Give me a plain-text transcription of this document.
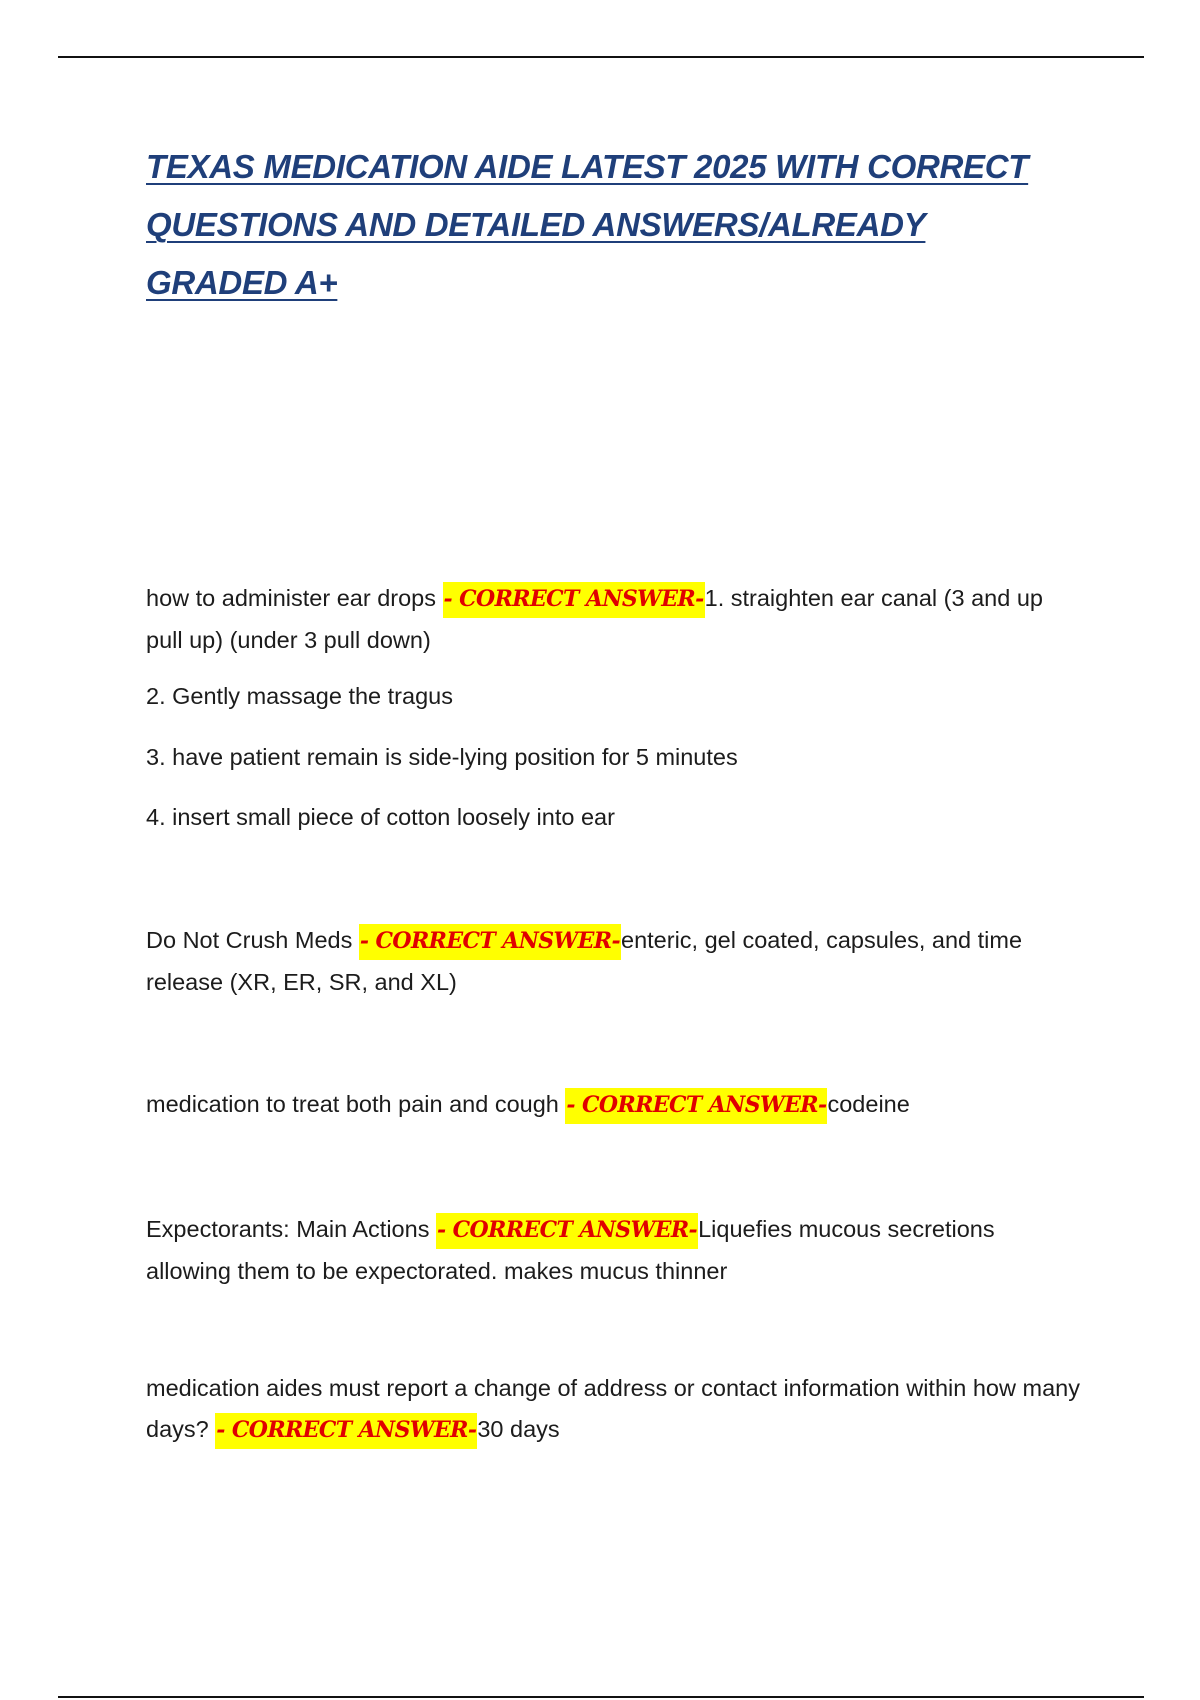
TEXAS MEDICATION AIDE LATEST 2025 WITH CORRECT
QUESTIONS AND DETAILED ANSWERS/ALREADY
GRADED A+

how to administer ear drops - CORRECT ANSWER-1. straighten ear canal (3 and up pull up) (under 3 pull down)

2. Gently massage the tragus

3. have patient remain is side-lying position for 5 minutes

4. insert small piece of cotton loosely into ear

Do Not Crush Meds - CORRECT ANSWER-enteric, gel coated, capsules, and time release (XR, ER, SR, and XL)

medication to treat both pain and cough - CORRECT ANSWER-codeine

Expectorants: Main Actions - CORRECT ANSWER-Liquefies mucous secretions allowing them to be expectorated. makes mucus thinner

medication aides must report a change of address or contact information within how many days? - CORRECT ANSWER-30 days
